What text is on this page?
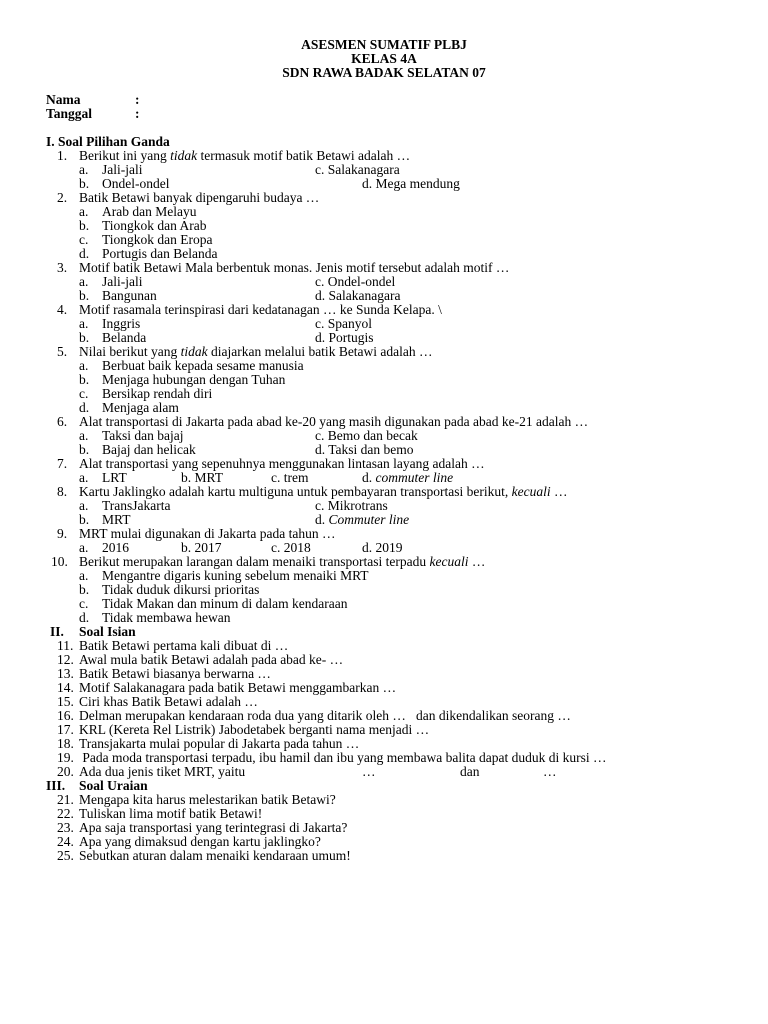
ASESMEN SUMATIF PLBJ
KELAS 4A
SDN RAWA BADAK SELATAN 07
Nama	:
Tanggal	:
I. Soal Pilihan Ganda
1. Berikut ini yang tidak termasuk motif batik Betawi adalah …
a. Jali-jali	c. Salakanagara
b. Ondel-ondel	d. Mega mendung
2. Batik Betawi banyak dipengaruhi budaya …
a. Arab dan Melayu
b. Tiongkok dan Arab
c. Tiongkok dan Eropa
d. Portugis dan Belanda
3. Motif batik Betawi Mala berbentuk monas. Jenis motif tersebut adalah motif …
a. Jali-jali	c. Ondel-ondel
b. Bangunan	d. Salakanagara
4. Motif rasamala terinspirasi dari kedatanagan … ke Sunda Kelapa. \
a. Inggris	c. Spanyol
b. Belanda	d. Portugis
5. Nilai berikut yang tidak diajarkan melalui batik Betawi adalah …
a. Berbuat baik kepada sesame manusia
b. Menjaga hubungan dengan Tuhan
c. Bersikap rendah diri
d. Menjaga alam
6. Alat transportasi di Jakarta pada abad ke-20 yang masih digunakan pada abad ke-21 adalah …
a. Taksi dan bajaj	c. Bemo dan becak
b. Bajaj dan helicak	d. Taksi dan bemo
7. Alat transportasi yang sepenuhnya menggunakan lintasan layang adalah …
a. LRT	b. MRT	c. trem	d. commuter line
8. Kartu Jaklingko adalah kartu multiguna untuk pembayaran transportasi berikut, kecuali …
a. TransJakarta	c. Mikrotrans
b. MRT	d. Commuter line
9. MRT mulai digunakan di Jakarta pada tahun …
a. 2016	b. 2017	c. 2018	d. 2019
10. Berikut merupakan larangan dalam menaiki transportasi terpadu kecuali …
a. Mengantre digaris kuning sebelum menaiki MRT
b. Tidak duduk dikursi prioritas
c. Tidak Makan dan minum di dalam kendaraan
d. Tidak membawa hewan
II. Soal Isian
11. Batik Betawi pertama kali dibuat di …
12. Awal mula batik Betawi adalah pada abad ke- …
13. Batik Betawi biasanya berwarna …
14. Motif Salakanagara pada batik Betawi menggambarkan …
15. Ciri khas Batik Betawi adalah …
16. Delman merupakan kendaraan roda dua yang ditarik oleh …   dan dikendalikan seorang …
17. KRL (Kereta Rel Listrik) Jabodetabek berganti nama menjadi …
18. Transjakarta mulai popular di Jakarta pada tahun …
19. Pada moda transportasi terpadu, ibu hamil dan ibu yang membawa balita dapat duduk di kursi …
20. Ada dua jenis tiket MRT, yaitu	…	dan	…
III. Soal Uraian
21. Mengapa kita harus melestarikan batik Betawi?
22. Tuliskan lima motif batik Betawi!
23. Apa saja transportasi yang terintegrasi di Jakarta?
24. Apa yang dimaksud dengan kartu jaklingko?
25. Sebutkan aturan dalam menaiki kendaraan umum!
